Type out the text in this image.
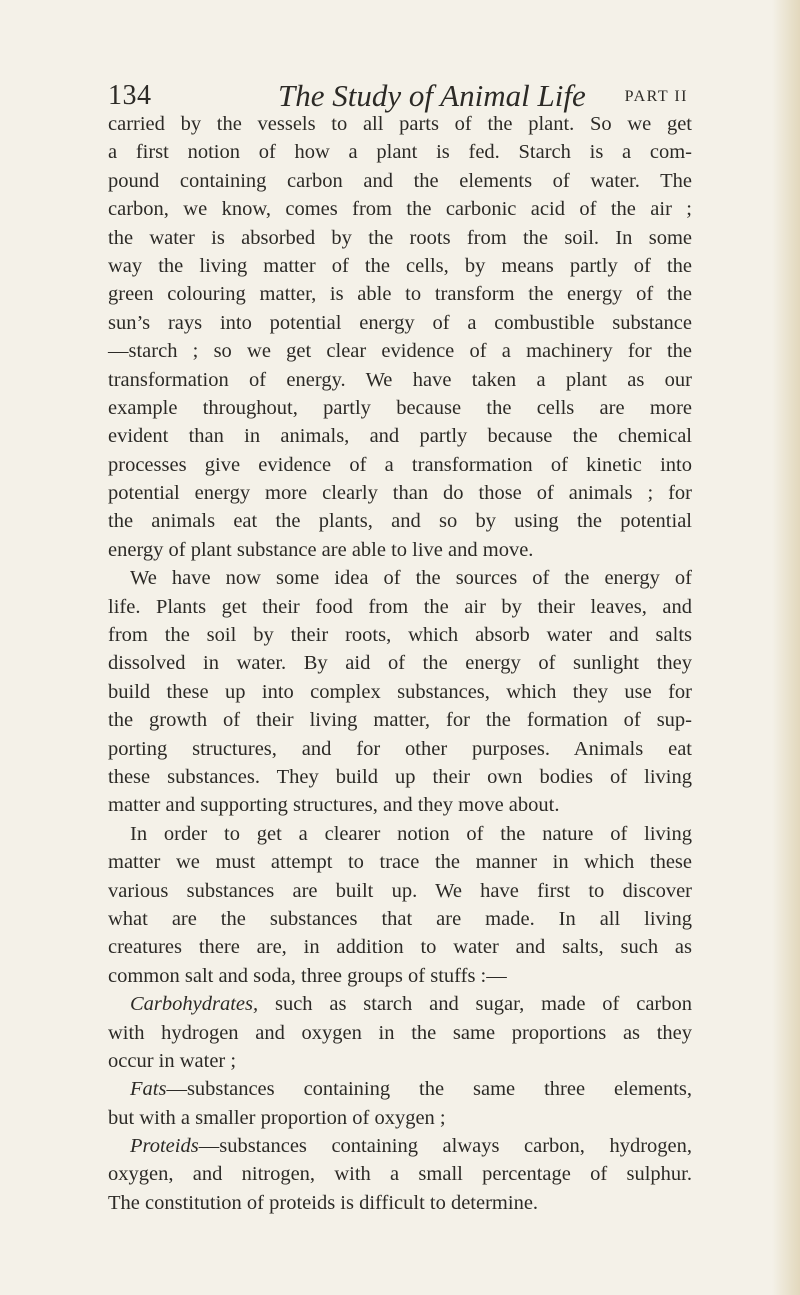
134	The Study of Animal Life PART II
carried by the vessels to all parts of the plant. So we get
a first notion of how a plant is fed. Starch is a com-
pound containing carbon and the elements of water. The
carbon, we know, comes from the carbonic acid of the air ;
the water is absorbed by the roots from the soil. In some
way the living matter of the cells, by means partly of the
green colouring matter, is able to transform the energy of the
sun’s rays into potential energy of a combustible substance
—starch ; so we get clear evidence of a machinery for the
transformation of energy. We have taken a plant as our
example throughout, partly because the cells are more
evident than in animals, and partly because the chemical
processes give evidence of a transformation of kinetic into
potential energy more clearly than do those of animals ; for
the animals eat the plants, and so by using the potential
energy of plant substance are able to live and move.
We have now some idea of the sources of the energy of
life. Plants get their food from the air by their leaves, and
from the soil by their roots, which absorb water and salts
dissolved in water. By aid of the energy of sunlight they
build these up into complex substances, which they use for
the growth of their living matter, for the formation of sup-
porting structures, and for other purposes. Animals eat
these substances. They build up their own bodies of living
matter and supporting structures, and they move about.
In order to get a clearer notion of the nature of living
matter we must attempt to trace the manner in which these
various substances are built up. We have first to discover
what are the substances that are made. In all living
creatures there are, in addition to water and salts, such as
common salt and soda, three groups of stuffs :—
Carbohydrates, such as starch and sugar, made of carbon
with hydrogen and oxygen in the same proportions as they
occur in water ;
Fats—substances containing the same three elements,
but with a smaller proportion of oxygen ;
Proteids—substances containing always carbon, hydrogen,
oxygen, and nitrogen, with a small percentage of sulphur.
The constitution of proteids is difficult to determine.
